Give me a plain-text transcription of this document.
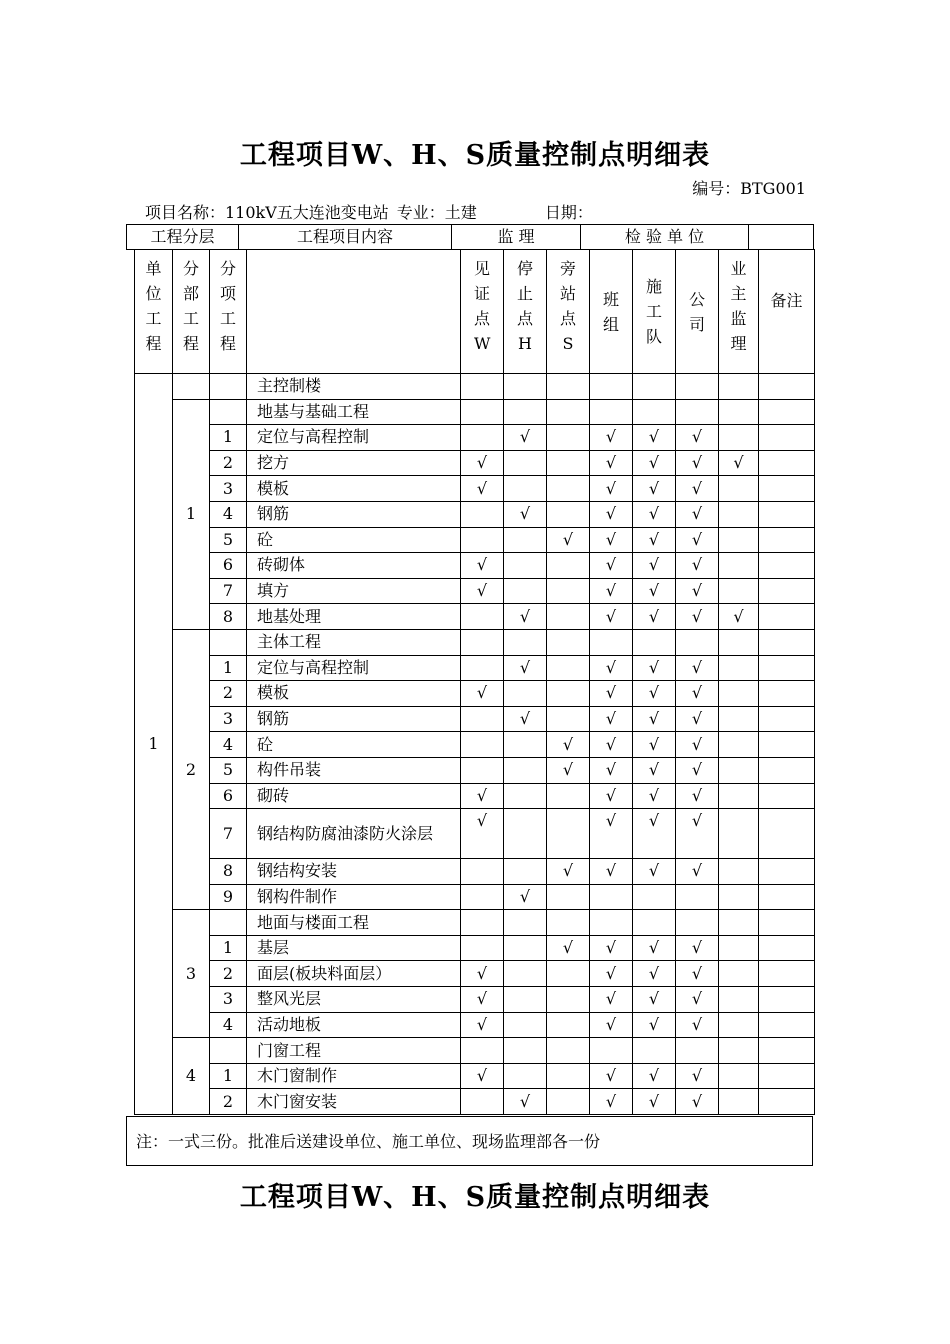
工程项目W、H、S质量控制点明细表
编号：BTG001
项目名称：110kV五大连池变电站 专业：土建	日期：
工程分层	工程项目内容	监 理	检 验 单 位	
单位工程	分部工程	分项工程		见证点W	停止点H	旁站点S	班组	施工队	公司	业主监理	备注
1			主控制楼								
	1		地基与基础工程								
		1	定位与高程控制		√		√	√	√		
		2	挖方	√			√	√	√	√	
		3	模板	√			√	√	√		
		4	钢筋		√		√	√	√		
		5	砼			√	√	√	√		
		6	砖砌体	√			√	√	√		
		7	填方	√			√	√	√		
		8	地基处理		√		√	√	√	√	
	2		主体工程								
		1	定位与高程控制		√		√	√	√		
		2	模板	√			√	√	√		
		3	钢筋		√		√	√	√		
		4	砼			√	√	√	√		
		5	构件吊装			√	√	√	√		
		6	砌砖	√			√	√	√		
		7	钢结构防腐油漆防火涂层	√			√	√	√		
		8	钢结构安装			√	√	√	√		
		9	钢构件制作		√						
	3		地面与楼面工程								
		1	基层			√	√	√	√		
		2	面层(板块料面层）	√			√	√	√		
		3	整风光层	√			√	√	√		
		4	活动地板	√			√	√	√		
	4		门窗工程								
		1	木门窗制作	√			√	√	√		
		2	木门窗安装		√		√	√	√		
注：一式三份。批准后送建设单位、施工单位、现场监理部各一份
工程项目W、H、S质量控制点明细表
